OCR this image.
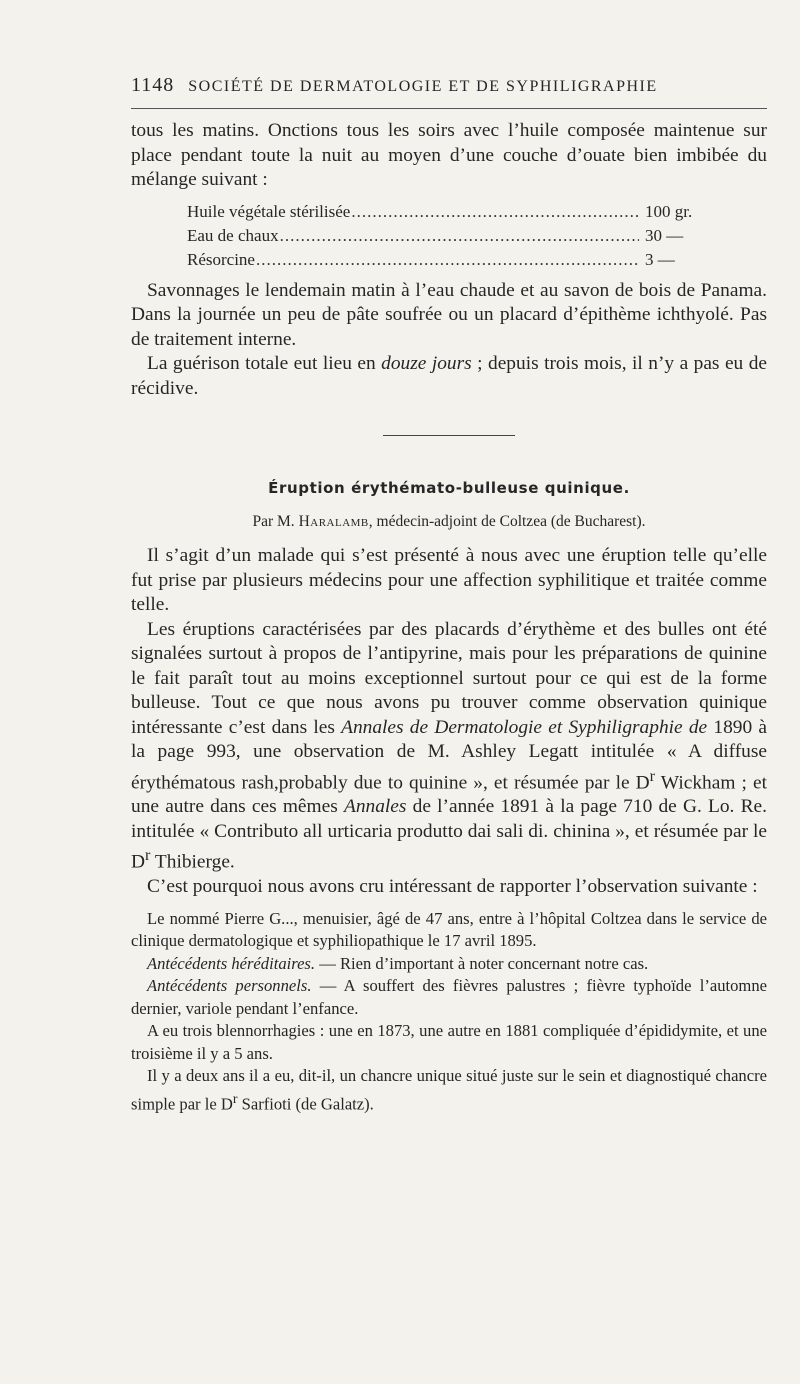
1148 SOCIÉTÉ DE DERMATOLOGIE ET DE SYPHILIGRAPHIE

tous les matins. Onctions tous les soirs avec l’huile composée maintenue sur place pendant toute la nuit au moyen d’une couche d’ouate bien imbibée du mélange suivant :

Huile végétale stérilisée .....	100 gr.
Eau de chaux .....	30 —
Résorcine .....	3 —

Savonnages le lendemain matin à l’eau chaude et au savon de bois de Panama. Dans la journée un peu de pâte soufrée ou un placard d’épithème ichthyolé. Pas de traitement interne.

La guérison totale eut lieu en douze jours ; depuis trois mois, il n’y a pas eu de récidive.

Éruption érythémato-bulleuse quinique.
Par M. Haralamb, médecin-adjoint de Coltzea (de Bucharest).

Il s’agit d’un malade qui s’est présenté à nous avec une éruption telle qu’elle fut prise par plusieurs médecins pour une affection syphilitique et traitée comme telle.

Les éruptions caractérisées par des placards d’érythème et des bulles ont été signalées surtout à propos de l’antipyrine, mais pour les préparations de quinine le fait paraît tout au moins exceptionnel surtout pour ce qui est de la forme bulleuse. Tout ce que nous avons pu trouver comme observation quinique intéressante c’est dans les Annales de Dermatologie et Syphiligraphie de 1890 à la page 993, une observation de M. Ashley Legatt intitulée « A diffuse érythématous rash,probably due to quinine », et résumée par le $D^r$ Wickham ; et une autre dans ces mêmes Annales de l’année 1891 à la page 710 de G. Lo. Re. intitulée « Contributo all urticaria produtto dai sali di. chinina », et résumée par le $D^r$ Thibierge.

C’est pourquoi nous avons cru intéressant de rapporter l’observation suivante :

Le nommé Pierre G..., menuisier, âgé de 47 ans, entre à l’hôpital Coltzea dans le service de clinique dermatologique et syphiliopathique le 17 avril 1895.

Antécédents héréditaires. — Rien d’important à noter concernant notre cas.

Antécédents personnels. — A souffert des fièvres palustres ; fièvre typhoïde l’automne dernier, variole pendant l’enfance.

A eu trois blennorrhagies : une en 1873, une autre en 1881 compliquée d’épididymite, et une troisième il y a 5 ans.

Il y a deux ans il a eu, dit-il, un chancre unique situé juste sur le sein et diagnostiqué chancre simple par le $D^r$ Sarfioti (de Galatz).
